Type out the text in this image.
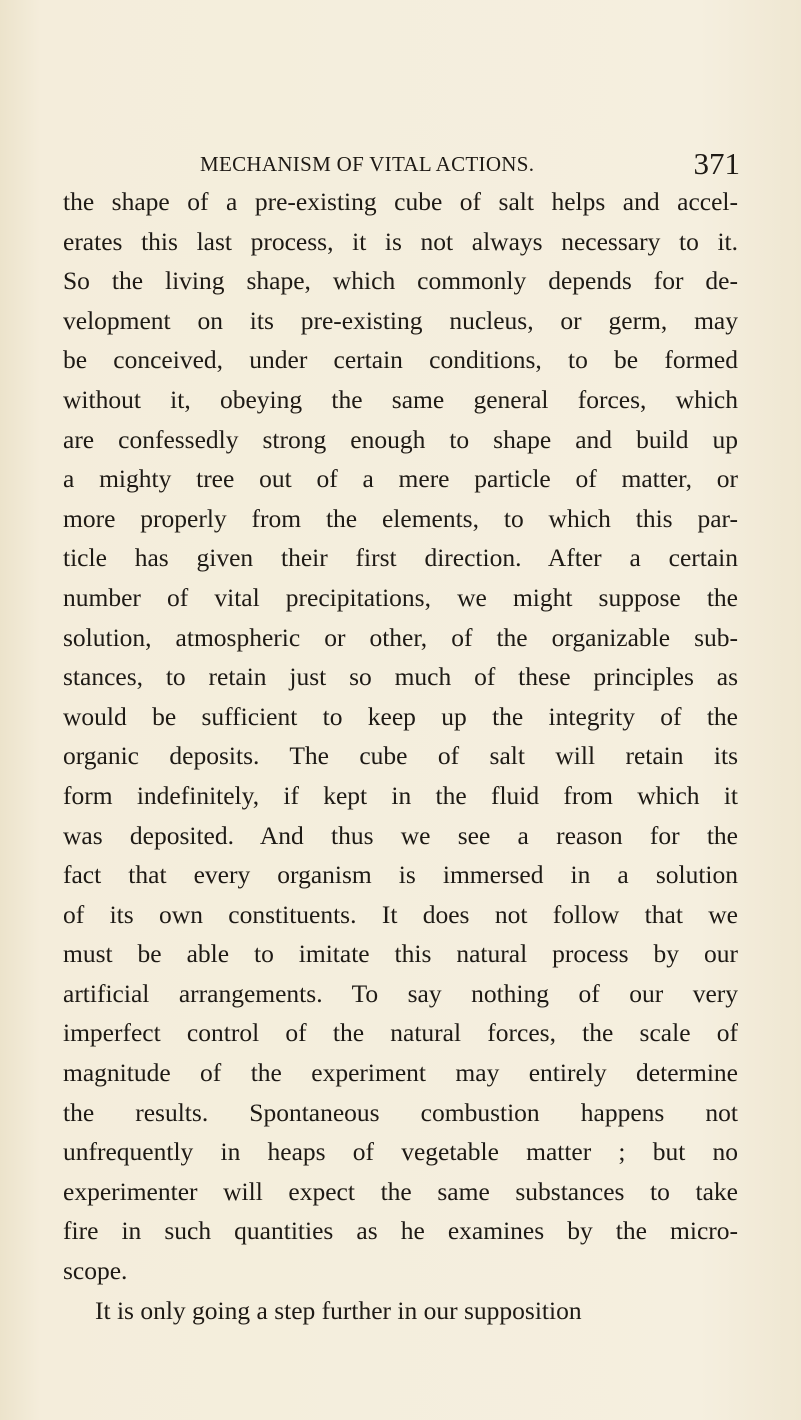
MECHANISM OF VITAL ACTIONS.	371
the shape of a pre-existing cube of salt helps and accel-
erates this last process, it is not always necessary to it.
So the living shape, which commonly depends for de-
velopment on its pre-existing nucleus, or germ, may
be conceived, under certain conditions, to be formed
without it, obeying the same general forces, which
are confessedly strong enough to shape and build up
a mighty tree out of a mere particle of matter, or
more properly from the elements, to which this par-
ticle has given their first direction. After a certain
number of vital precipitations, we might suppose the
solution, atmospheric or other, of the organizable sub-
stances, to retain just so much of these principles as
would be sufficient to keep up the integrity of the
organic deposits. The cube of salt will retain its
form indefinitely, if kept in the fluid from which it
was deposited. And thus we see a reason for the
fact that every organism is immersed in a solution
of its own constituents. It does not follow that we
must be able to imitate this natural process by our
artificial arrangements. To say nothing of our very
imperfect control of the natural forces, the scale of
magnitude of the experiment may entirely determine
the results. Spontaneous combustion happens not
unfrequently in heaps of vegetable matter ; but no
experimenter will expect the same substances to take
fire in such quantities as he examines by the micro-
scope.
It is only going a step further in our supposition
